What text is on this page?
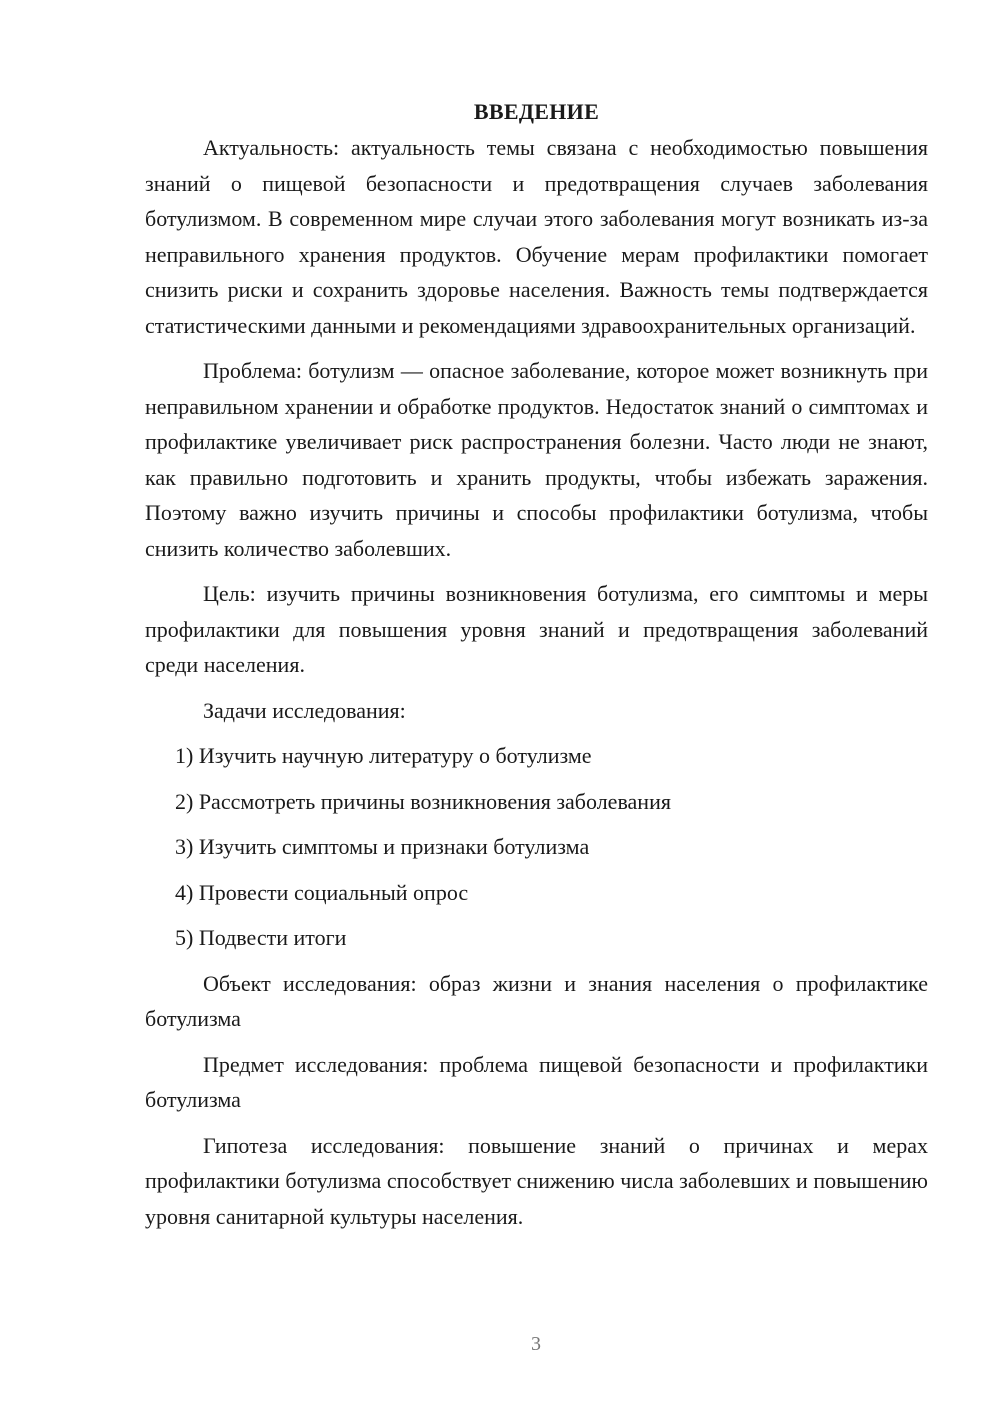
ВВЕДЕНИЕ

Актуальность: актуальность темы связана с необходимостью повышения знаний о пищевой безопасности и предотвращения случаев заболевания ботулизмом. В современном мире случаи этого заболевания могут возникать из-за неправильного хранения продуктов. Обучение мерам профилактики помогает снизить риски и сохранить здоровье населения. Важность темы подтверждается статистическими данными и рекомендациями здравоохранительных организаций.

Проблема: ботулизм — опасное заболевание, которое может возникнуть при неправильном хранении и обработке продуктов. Недостаток знаний о симптомах и профилактике увеличивает риск распространения болезни. Часто люди не знают, как правильно подготовить и хранить продукты, чтобы избежать заражения. Поэтому важно изучить причины и способы профилактики ботулизма, чтобы снизить количество заболевших.

Цель: изучить причины возникновения ботулизма, его симптомы и меры профилактики для повышения уровня знаний и предотвращения заболеваний среди населения.

Задачи исследования:

1) Изучить научную литературу о ботулизме
2) Рассмотреть причины возникновения заболевания
3) Изучить симптомы и признаки ботулизма
4) Провести социальный опрос
5) Подвести итоги

Объект исследования: образ жизни и знания населения о профилактике ботулизма

Предмет исследования: проблема пищевой безопасности и профилактики ботулизма

Гипотеза исследования: повышение знаний о причинах и мерах профилактики ботулизма способствует снижению числа заболевших и повышению уровня санитарной культуры населения.

3
